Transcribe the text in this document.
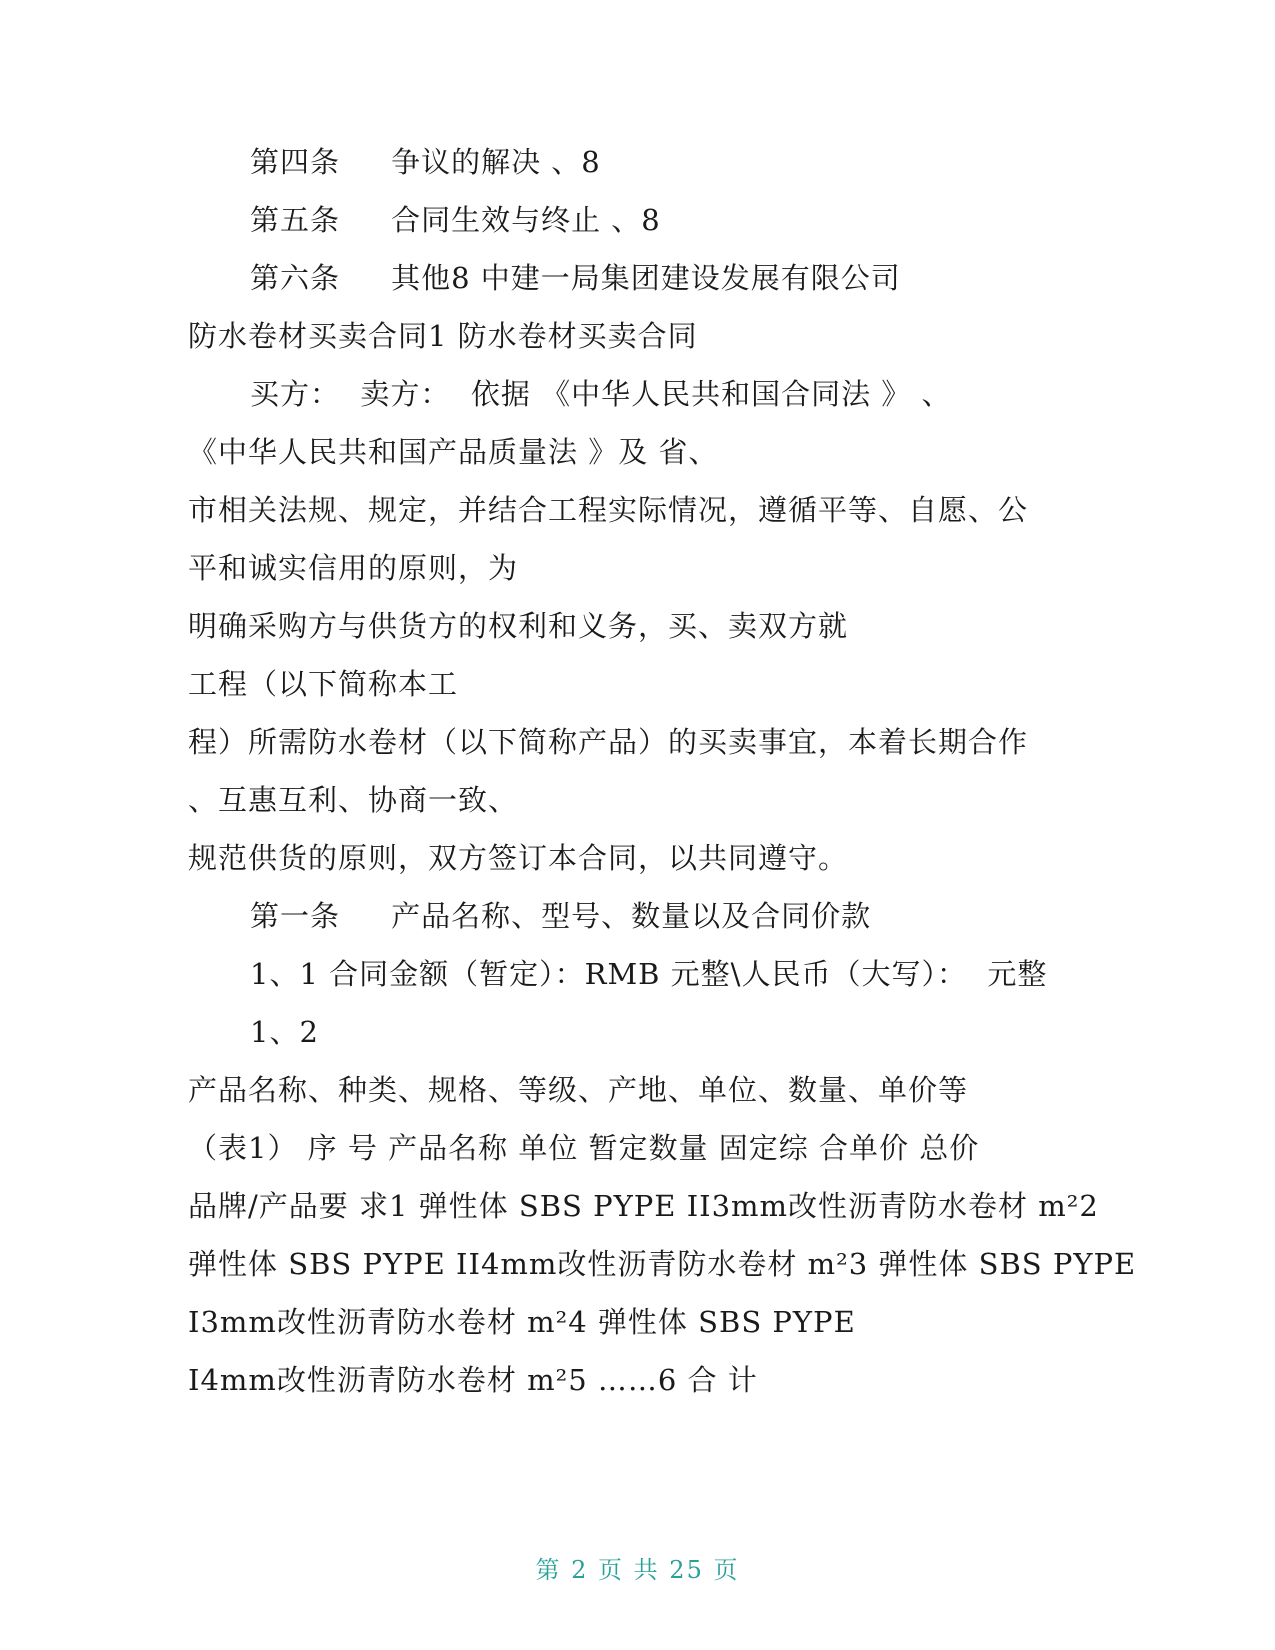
第四条     争议的解决 、8
第五条     合同生效与终止 、8
第六条     其他8 中建一局集团建设发展有限公司
防水卷材买卖合同1 防水卷材买卖合同
买方：  卖方：  依据 《中华人民共和国合同法 》 、
《中华人民共和国产品质量法 》及 省、
市相关法规、规定，并结合工程实际情况，遵循平等、自愿、公
平和诚实信用的原则，为
明确采购方与供货方的权利和义务，买、卖双方就
工程（以下简称本工
程）所需防水卷材（以下简称产品）的买卖事宜，本着长期合作
、互惠互利、协商一致、
规范供货的原则，双方签订本合同，以共同遵守。
第一条     产品名称、型号、数量以及合同价款
1、1 合同金额（暂定）：RMB 元整\人民币（大写）：  元整
1、2
产品名称、种类、规格、等级、产地、单位、数量、单价等
（表1） 序 号 产品名称 单位 暂定数量 固定综 合单价 总价
品牌/产品要 求1 弹性体 SBS PYPE II3mm改性沥青防水卷材 m²2
弹性体 SBS PYPE II4mm改性沥青防水卷材 m²3 弹性体 SBS PYPE
I3mm改性沥青防水卷材 m²4 弹性体 SBS PYPE
I4mm改性沥青防水卷材 m²5 ……6 合 计
第 2 页 共 25 页
